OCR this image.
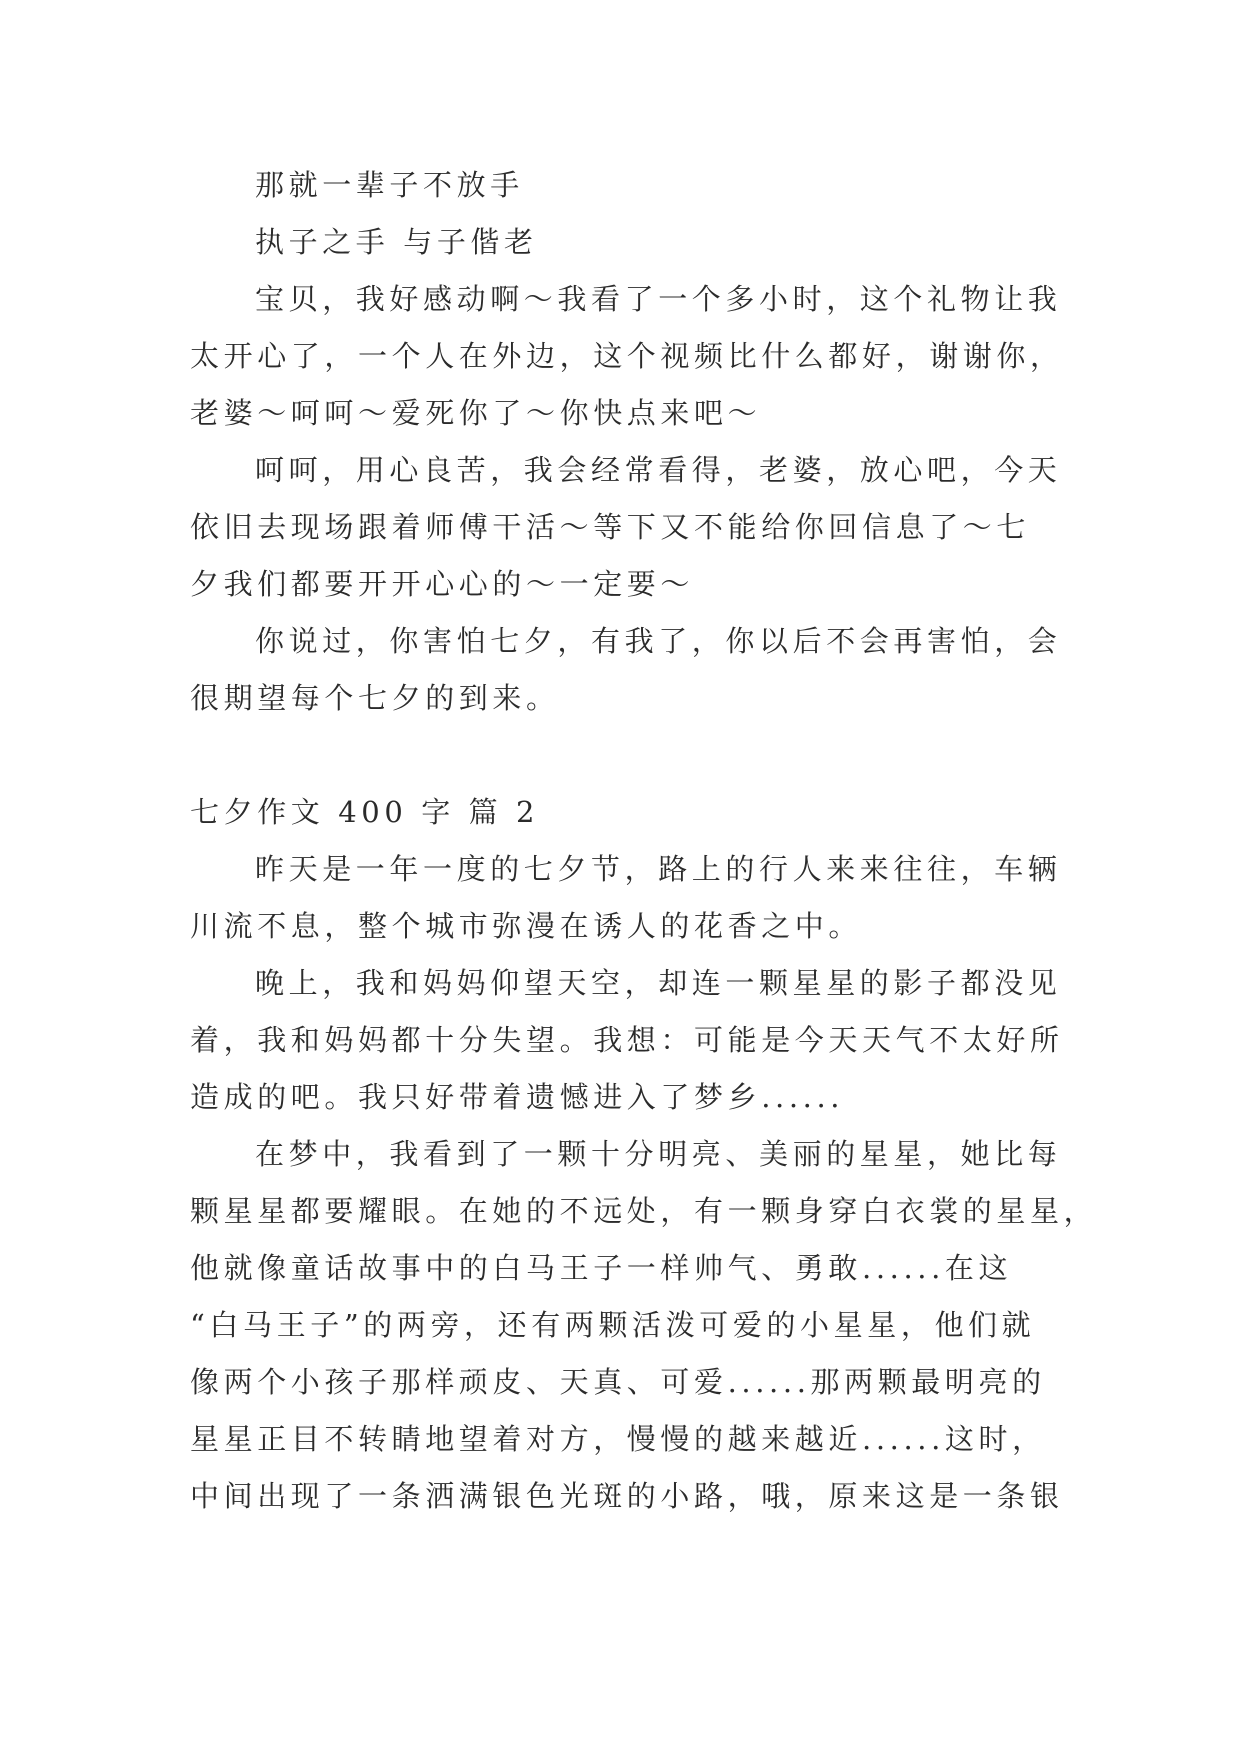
那就一辈子不放手
执子之手 与子偕老
宝贝，我好感动啊～我看了一个多小时，这个礼物让我
太开心了，一个人在外边，这个视频比什么都好，谢谢你，
老婆～呵呵～爱死你了～你快点来吧～
呵呵，用心良苦，我会经常看得，老婆，放心吧，今天
依旧去现场跟着师傅干活～等下又不能给你回信息了～七
夕我们都要开开心心的～一定要～
你说过，你害怕七夕，有我了，你以后不会再害怕，会
很期望每个七夕的到来。
七夕作文 400 字 篇 2
昨天是一年一度的七夕节，路上的行人来来往往，车辆
川流不息，整个城市弥漫在诱人的花香之中。
晚上，我和妈妈仰望天空，却连一颗星星的影子都没见
着，我和妈妈都十分失望。我想：可能是今天天气不太好所
造成的吧。我只好带着遗憾进入了梦乡......
在梦中，我看到了一颗十分明亮、美丽的星星，她比每
颗星星都要耀眼。在她的不远处，有一颗身穿白衣裳的星星，
他就像童话故事中的白马王子一样帅气、勇敢......在这
“白马王子”的两旁，还有两颗活泼可爱的小星星，他们就
像两个小孩子那样顽皮、天真、可爱......那两颗最明亮的
星星正目不转睛地望着对方，慢慢的越来越近......这时，
中间出现了一条洒满银色光斑的小路，哦，原来这是一条银
